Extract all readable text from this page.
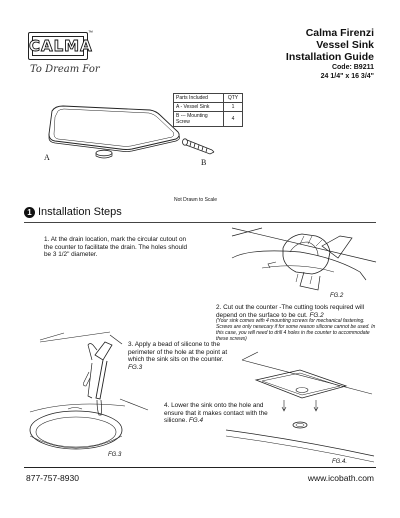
CALMA
™
To Dream For
Calma Firenzi
Vessel Sink
Installation Guide
Code: B9211
24 1/4" x 16 3/4"
Parts Included	QTY
A - Vessel Sink	1
B --- Mounting Screw	4
A
B
Not Drawn to Scale
1 Installation Steps
1. At the drain location, mark the circular cutout on the counter to facilitate the drain. The holes should be 3 1/2" diameter.
FG.2
2. Cut out the counter -The cutting tools required will depend on the surface to be cut. FG.2
(Your sink comes with 4 mounting screws for mechanical fastening. Screws are only nesecary if for some reason silicone cannot be used. In this case, you will need to drill 4 holes in the counter to accommodate these screws)
FG.3
3. Apply a bead of silicone to the perimeter of the hole at the point at which the sink sits on the counter. FG.3
FG.4.
4. Lower the sink onto the hole and ensure that it makes contact with the silicone. FG.4
877-757-8930	www.icobath.com
